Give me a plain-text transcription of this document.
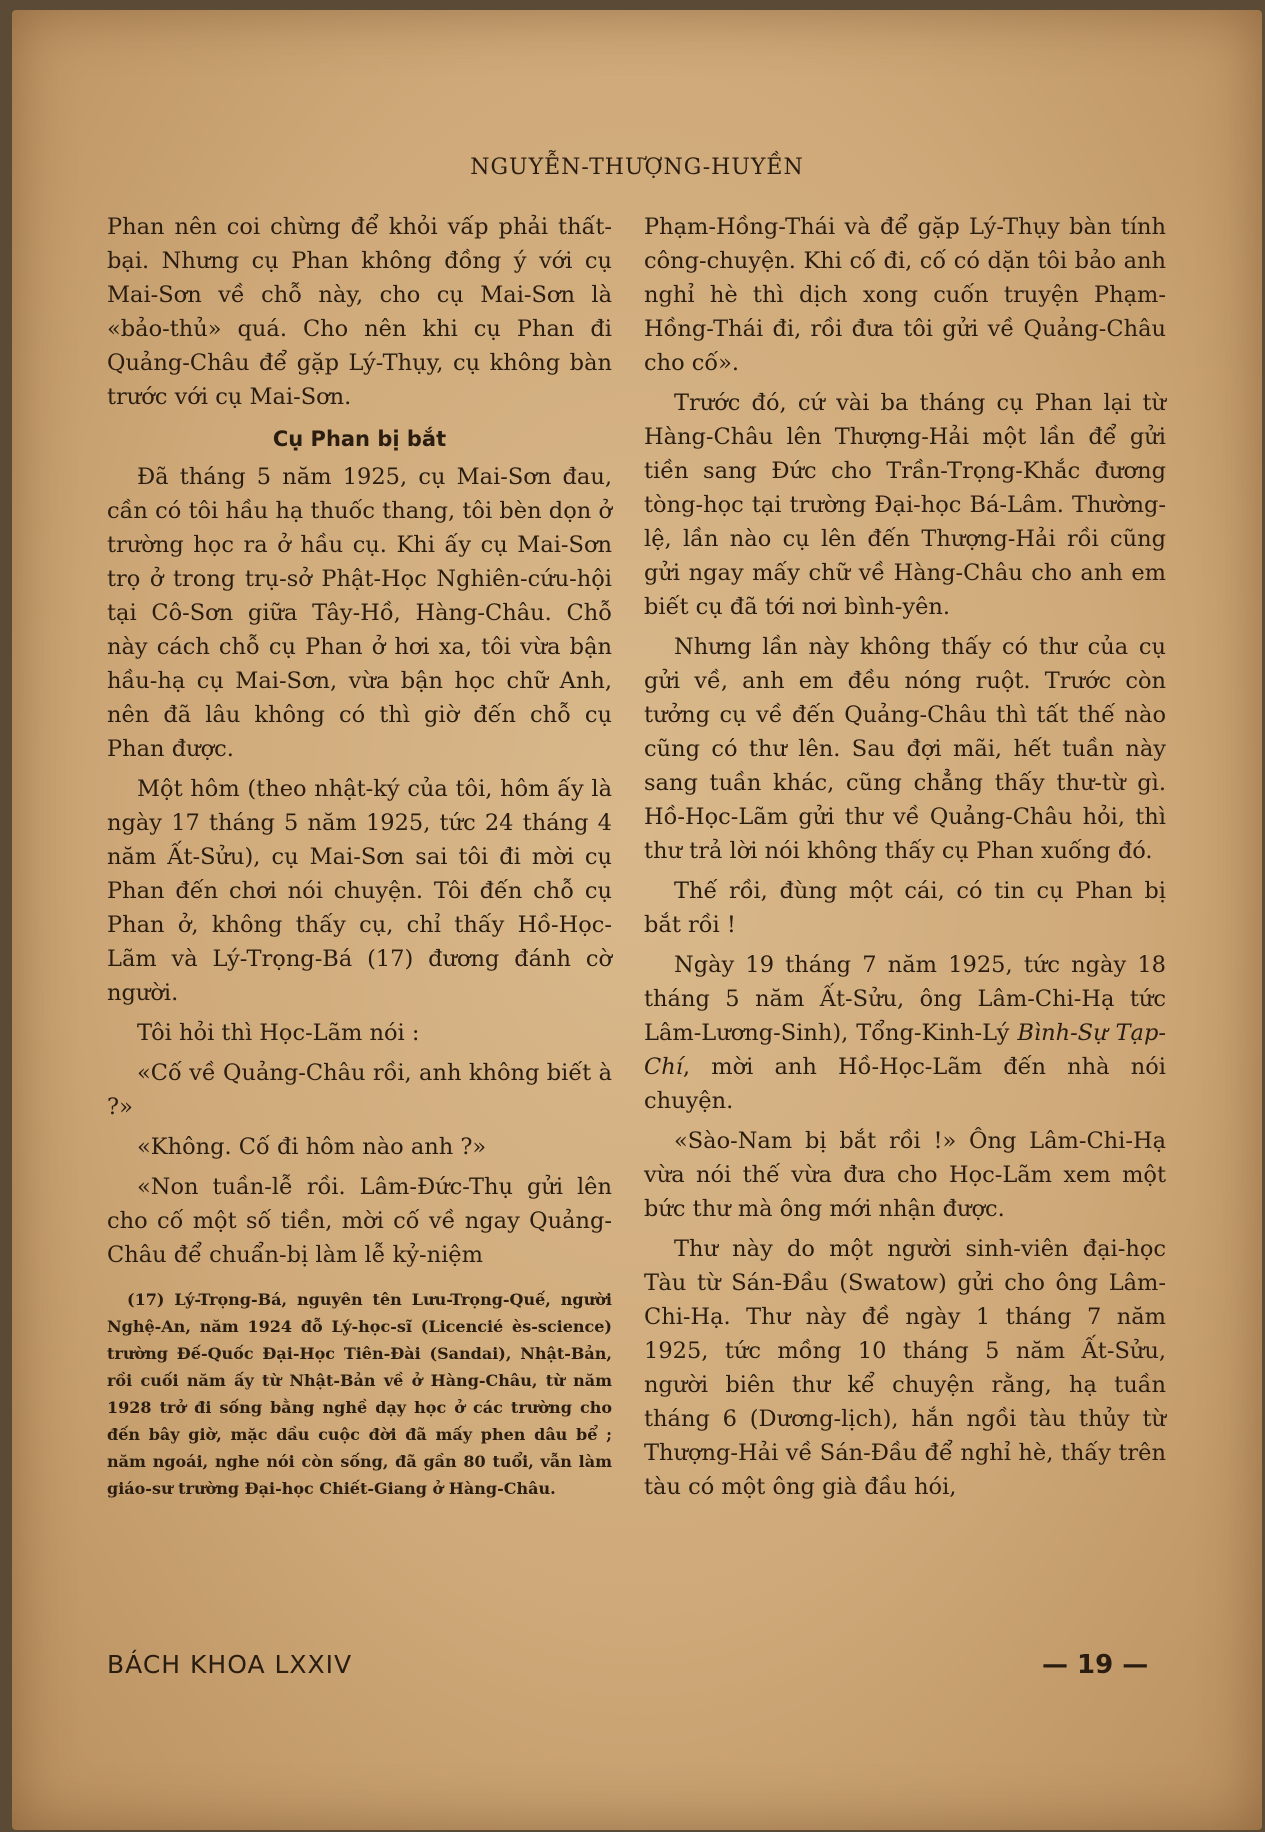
NGUYỄN-THƯỢNG-HUYỀN

Phan nên coi chừng để khỏi vấp phải thất-bại. Nhưng cụ Phan không đồng ý với cụ Mai-Sơn về chỗ này, cho cụ Mai-Sơn là «bảo-thủ» quá. Cho nên khi cụ Phan đi Quảng-Châu để gặp Lý-Thụy, cụ không bàn trước với cụ Mai-Sơn.

Cụ Phan bị bắt

Đã tháng 5 năm 1925, cụ Mai-Sơn đau, cần có tôi hầu hạ thuốc thang, tôi bèn dọn ở trường học ra ở hầu cụ. Khi ấy cụ Mai-Sơn trọ ở trong trụ-sở Phật-Học Nghiên-cứu-hội tại Cô-Sơn giữa Tây-Hồ, Hàng-Châu. Chỗ này cách chỗ cụ Phan ở hơi xa, tôi vừa bận hầu-hạ cụ Mai-Sơn, vừa bận học chữ Anh, nên đã lâu không có thì giờ đến chỗ cụ Phan được.

Một hôm (theo nhật-ký của tôi, hôm ấy là ngày 17 tháng 5 năm 1925, tức 24 tháng 4 năm Ất-Sửu), cụ Mai-Sơn sai tôi đi mời cụ Phan đến chơi nói chuyện. Tôi đến chỗ cụ Phan ở, không thấy cụ, chỉ thấy Hồ-Học-Lãm và Lý-Trọng-Bá (17) đương đánh cờ người.

Tôi hỏi thì Học-Lãm nói :

«Cố về Quảng-Châu rồi, anh không biết à ?»

«Không. Cố đi hôm nào anh ?»

«Non tuần-lễ rồi. Lâm-Đức-Thụ gửi lên cho cố một số tiền, mời cố về ngay Quảng-Châu để chuẩn-bị làm lễ kỷ-niệm

(17) Lý-Trọng-Bá, nguyên tên Lưu-Trọng-Quế, người Nghệ-An, năm 1924 đỗ Lý-học-sĩ (Licencié ès-science) trường Đế-Quốc Đại-Học Tiên-Đài (Sandai), Nhật-Bản, rồi cuối năm ấy từ Nhật-Bản về ở Hàng-Châu, từ năm 1928 trở đi sống bằng nghề dạy học ở các trường cho đến bây giờ, mặc dầu cuộc đời đã mấy phen dâu bể ; năm ngoái, nghe nói còn sống, đã gần 80 tuổi, vẫn làm giáo-sư trường Đại-học Chiết-Giang ở Hàng-Châu.

Phạm-Hồng-Thái và để gặp Lý-Thụy bàn tính công-chuyện. Khi cố đi, cố có dặn tôi bảo anh nghỉ hè thì dịch xong cuốn truyện Phạm-Hồng-Thái đi, rồi đưa tôi gửi về Quảng-Châu cho cố».

Trước đó, cứ vài ba tháng cụ Phan lại từ Hàng-Châu lên Thượng-Hải một lần để gửi tiền sang Đức cho Trần-Trọng-Khắc đương tòng-học tại trường Đại-học Bá-Lâm. Thường-lệ, lần nào cụ lên đến Thượng-Hải rồi cũng gửi ngay mấy chữ về Hàng-Châu cho anh em biết cụ đã tới nơi bình-yên.

Nhưng lần này không thấy có thư của cụ gửi về, anh em đều nóng ruột. Trước còn tưởng cụ về đến Quảng-Châu thì tất thế nào cũng có thư lên. Sau đợi mãi, hết tuần này sang tuần khác, cũng chẳng thấy thư-từ gì. Hồ-Học-Lãm gửi thư về Quảng-Châu hỏi, thì thư trả lời nói không thấy cụ Phan xuống đó.

Thế rồi, đùng một cái, có tin cụ Phan bị bắt rồi !

Ngày 19 tháng 7 năm 1925, tức ngày 18 tháng 5 năm Ất-Sửu, ông Lâm-Chi-Hạ tức Lâm-Lương-Sinh), Tổng-Kinh-Lý Bình-Sự Tạp-Chí, mời anh Hồ-Học-Lãm đến nhà nói chuyện.

«Sào-Nam bị bắt rồi !» Ông Lâm-Chi-Hạ vừa nói thế vừa đưa cho Học-Lãm xem một bức thư mà ông mới nhận được.

Thư này do một người sinh-viên đại-học Tàu từ Sán-Đầu (Swatow) gửi cho ông Lâm-Chi-Hạ. Thư này đề ngày 1 tháng 7 năm 1925, tức mồng 10 tháng 5 năm Ất-Sửu, người biên thư kể chuyện rằng, hạ tuần tháng 6 (Dương-lịch), hắn ngồi tàu thủy từ Thượng-Hải về Sán-Đầu để nghỉ hè, thấy trên tàu có một ông già đầu hói,

BÁCH KHOA LXXIV	— 19 —
